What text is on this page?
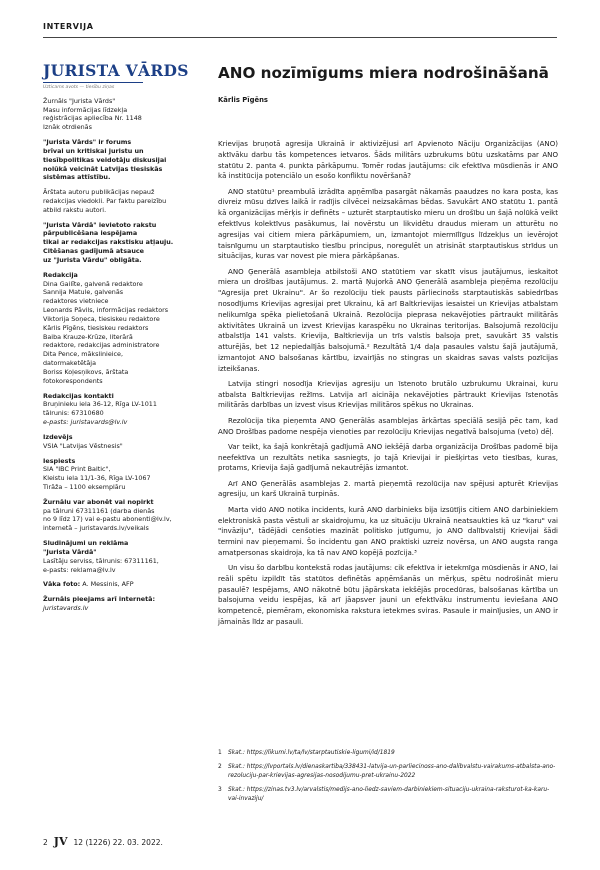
INTERVIJA
JURISTA VĀRDS
Uzticams avots — tiesību ziņas

Žurnāls "Jurista Vārds"

Masu informācijas līdzekļa

reģistrācijas apliecība Nr. 1148

Iznāk otrdienās

"Jurista Vārds" ir forums

brīvai un kritiskai juristu un

tiesībpolitikas veidotāju diskusijai

nolūkā veicināt Latvijas tiesiskās

sistēmas attīstību.

Ārštata autoru publikācijas nepauž

redakcijas viedokli. Par faktu pareizību

atbild rakstu autori.

"Jurista Vārdā" ievietoto rakstu

pārpublicēšana iespējama

tikai ar redakcijas rakstisku atļauju.

Citēšanas gadījumā atsauce

uz "Jurista Vārdu" obligāta.

Redakcija

Dina Gailīte, galvenā redaktore

Sannija Matule, galvenās

redaktores vietniece

Leonards Pāvils, informācijas redaktors

Viktorija Soņeca, tiesiskeu redaktore

Kārlis Pīgēns, tiesiskeu redaktors

Baiba Krauze-Krūze, literārā

redaktore, redakcijas administratore

Dita Pence, mākslinieice,

datormaketētāja

Boriss Koļesņikovs, ārštata

fotokorespondents

Redakcijas kontakti

Bruņinieku iela 36-12, Rīga LV-1011

tālrunis: 67310680

e-pasts: juristavards@lv.lv

Izdevējs

VSIA "Latvijas Vēstnesis"

Iespiests

SIA "IBC Print Baltic",

Kleistu iela 11/1-36, Rīga LV-1067

Tirāža – 1100 eksemplāru

Žurnālu var abonēt vai nopirkt

pa tālruni 67311161 (darba dienās

no 9 līdz 17) vai e-pastu abonenti@lv.lv,

internetā – juristavards.lv/veikals

Sludinājumi un reklāma

"Jurista Vārdā"

Lasītāju serviss, tālrunis: 67311161,

e-pasts: reklama@lv.lv

Vāka foto: A. Messinis, AFP

Žurnāls pieejams arī internetā:

juristavards.lv

ANO nozīmīgums miera nodrošināšanā
Kārlis Pīgēns

Krievijas bruņotā agresija Ukrainā ir aktivizējusi arī Apvienoto Nāciju Organizācijas (ANO) aktīvāku darbu tās kompetences ietvaros. Šāds militārs uzbrukums būtu uzskatāms par ANO statūtu 2. panta 4. punkta pārkāpumu. Tomēr rodas jautājums: cik efektīva mūsdienās ir ANO kā institūcija potenciālo un esošo konfliktu novēršanā?

ANO statūtu¹ preambulā izrādīta apņēmība pasargāt nākamās paaudzes no kara posta, kas divreiz mūsu dzīves laikā ir radījis cilvēcei neizsakāmas bēdas. Savukārt ANO statūtu 1. pantā kā organizācijas mērķis ir definēts – uzturēt starptautisko mieru un drošību un šajā nolūkā veikt efektīvus kolektīvus pasākumus, lai novērstu un likvidētu draudus mieram un atturētu no agresijas vai citiem miera pārkāpumiem, un, izmantojot miermīlīgus līdzekļus un ievērojot taisnīgumu un starptautisko tiesību principus, noregulēt un atrisināt starptautiskus strīdus un situācijas, kuras var novest pie miera pārkāpšanas.

ANO Ģenerālā asambleja atbilstoši ANO statūtiem var skatīt visus jautājumus, ieskaitot miera un drošības jautājumus. 2. martā Ņujorkā ANO Ģenerālā asambleja pieņēma rezolūciju "Agresija pret Ukrainu". Ar šo rezolūciju tiek pausts pārliecinošs starptautiskās sabiedrības nosodījums Krievijas agresijai pret Ukrainu, kā arī Baltkrievijas iesaistei un Krievijas atbalstam nelikumīga spēka pielietošanā Ukrainā. Rezolūcija pieprasa nekavējoties pārtraukt militārās aktivitātes Ukrainā un izvest Krievijas karaspēku no Ukrainas teritorijas. Balsojumā rezolūciju atbalstīja 141 valsts. Krievija, Baltkrievija un trīs valstis balsoja pret, savukārt 35 valstis atturējās, bet 12 nepiedalījās balsojumā.² Rezultātā 1/4 daļa pasaules valstu šajā jautājumā, izmantojot ANO balsošanas kārtību, izvairījās no stingras un skaidras savas valsts pozīcijas izteikšanas.

Latvija stingri nosodīja Krievijas agresiju un īstenoto brutālo uzbrukumu Ukrainai, kuru atbalsta Baltkrievijas režīms. Latvija arī aicināja nekavējoties pārtraukt Krievijas īstenotās militārās darbības un izvest visus Krievijas militāros spēkus no Ukrainas.

Rezolūcija tika pieņemta ANO Ģenerālās asamblejas ārkārtas speciālā sesijā pēc tam, kad ANO Drošības padome nespēja vienoties par rezolūciju Krievijas negatīvā balsojuma (veto) dēļ.

Var teikt, ka šajā konkrētajā gadījumā ANO iekšējā darba organizācija Drošības padomē bija neefektīva un rezultāts netika sasniegts, jo tajā Krievijai ir piešķirtas veto tiesības, kuras, protams, Krievija šajā gadījumā nekautrējās izmantot.

Arī ANO Ģenerālās asamblejas 2. martā pieņemtā rezolūcija nav spējusi apturēt Krievijas agresiju, un karš Ukrainā turpinās.

Marta vidū ANO notika incidents, kurā ANO darbinieks bija izsūtījis citiem ANO darbiniekiem elektroniskā pasta vēstuli ar skaidrojumu, ka uz situāciju Ukrainā neatsaukties kā uz "karu" vai "invāziju", tādējādi cenšoties mazināt politisko jutīgumu, jo ANO dalībvalstij Krievijai šādi termini nav pieņemami. Šo incidentu gan ANO praktiski uzreiz novērsa, un ANO augsta ranga amatpersonas skaidroja, ka tā nav ANO kopējā pozīcija.³

Un visu šo darbību kontekstā rodas jautājums: cik efektīva ir ietekmīga mūsdienās ir ANO, lai reāli spētu izpildīt tās statūtos definētās apņēmšanās un mērķus, spētu nodrošināt mieru pasaulē? Iespējams, ANO nākotnē būtu jāpārskata iekšējās procedūras, balsošanas kārtība un balsojuma veidu iespējas, kā arī jāapsver jauni un efektīvāku instrumentu ieviešana ANO kompetencē, piemēram, ekonomiska rakstura ietekmes sviras. Pasaule ir mainījusies, un ANO ir jāmainās līdz ar pasauli.

1	Skat.: https://likumi.lv/ta/lv/starptautiskie-ligumi/id/1819
2	Skat.: https://lvportals.lv/dienaskartiba/338431-latvija-un-parliecinoss-ano-dalibvalstu-vairakums-atbalsta-ano-rezoluciju-par-krievijas-agresijas-nosodijumu-pret-ukrainu-2022
3	Skat.: https://zinas.tv3.lv/arvalstis/medijs-ano-liedz-saviem-darbiniekiem-situaciju-ukraina-raksturot-ka-karu-vai-invaziju/
2 JV 12 (1226) 22. 03. 2022.
